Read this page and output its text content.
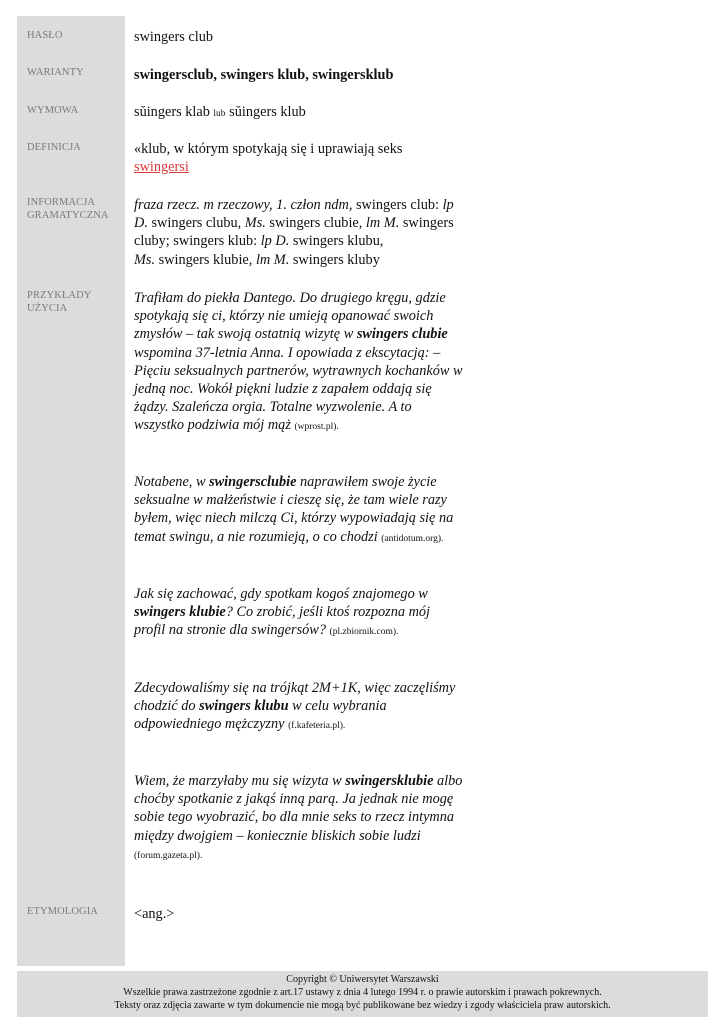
HASŁO
WARIANTY
WYMOWA
DEFINICJA
INFORMACJA
GRAMATYCZNA
PRZYKŁADY
UŻYCIA
ETYMOLOGIA
swingers club
swingersclub, swingers klub, swingersklub
sŭingers klab lub sŭingers klub
«klub, w którym spotykają się i uprawiają seks
swingersi
fraza rzecz. m rzeczowy, 1. człon ndm, swingers club: lp
D. swingers clubu, Ms. swingers clubie, lm M. swingers
cluby; swingers klub: lp D. swingers klubu,
Ms. swingers klubie, lm M. swingers kluby
Trafiłam do piekła Dantego. Do drugiego kręgu, gdzie spotykają się ci, którzy nie umieją opanować swoich zmysłów – tak swoją ostatnią wizytę w swingers clubie wspomina 37-letnia Anna. I opowiada z ekscytacją: – Pięciu seksualnych partnerów, wytrawnych kochanków w jedną noc. Wokół piękni ludzie z zapałem oddają się żądzy. Szaleńcza orgia. Totalne wyzwolenie. A to wszystko podziwia mój mąż (wprost.pl).
Notabene, w swingersclubie naprawiłem swoje życie seksualne w małżeństwie i cieszę się, że tam wiele razy byłem, więc niech milczą Ci, którzy wypowiadają się na temat swingu, a nie rozumieją, o co chodzi (antidotum.org).
Jak się zachować, gdy spotkam kogoś znajomego w swingers klubie? Co zrobić, jeśli ktoś rozpozna mój profil na stronie dla swingersów? (pl.zbiornik.com).
Zdecydowaliśmy się na trójkąt 2M+1K, więc zaczęliśmy chodzić do swingers klubu w celu wybrania odpowiedniego mężczyzny (f.kafeteria.pl).
Wiem, że marzyłaby mu się wizyta w swingersklubie albo choćby spotkanie z jakąś inną parą. Ja jednak nie mogę sobie tego wyobrazić, bo dla mnie seks to rzecz intymna między dwojgiem – koniecznie bliskich sobie ludzi (forum.gazeta.pl).
<ang.>
Copyright © Uniwersytet Warszawski
Wszelkie prawa zastrzeżone zgodnie z art.17 ustawy z dnia 4 lutego 1994 r. o prawie autorskim i prawach pokrewnych.
Teksty oraz zdjęcia zawarte w tym dokumencie nie mogą być publikowane bez wiedzy i zgody właściciela praw autorskich.
